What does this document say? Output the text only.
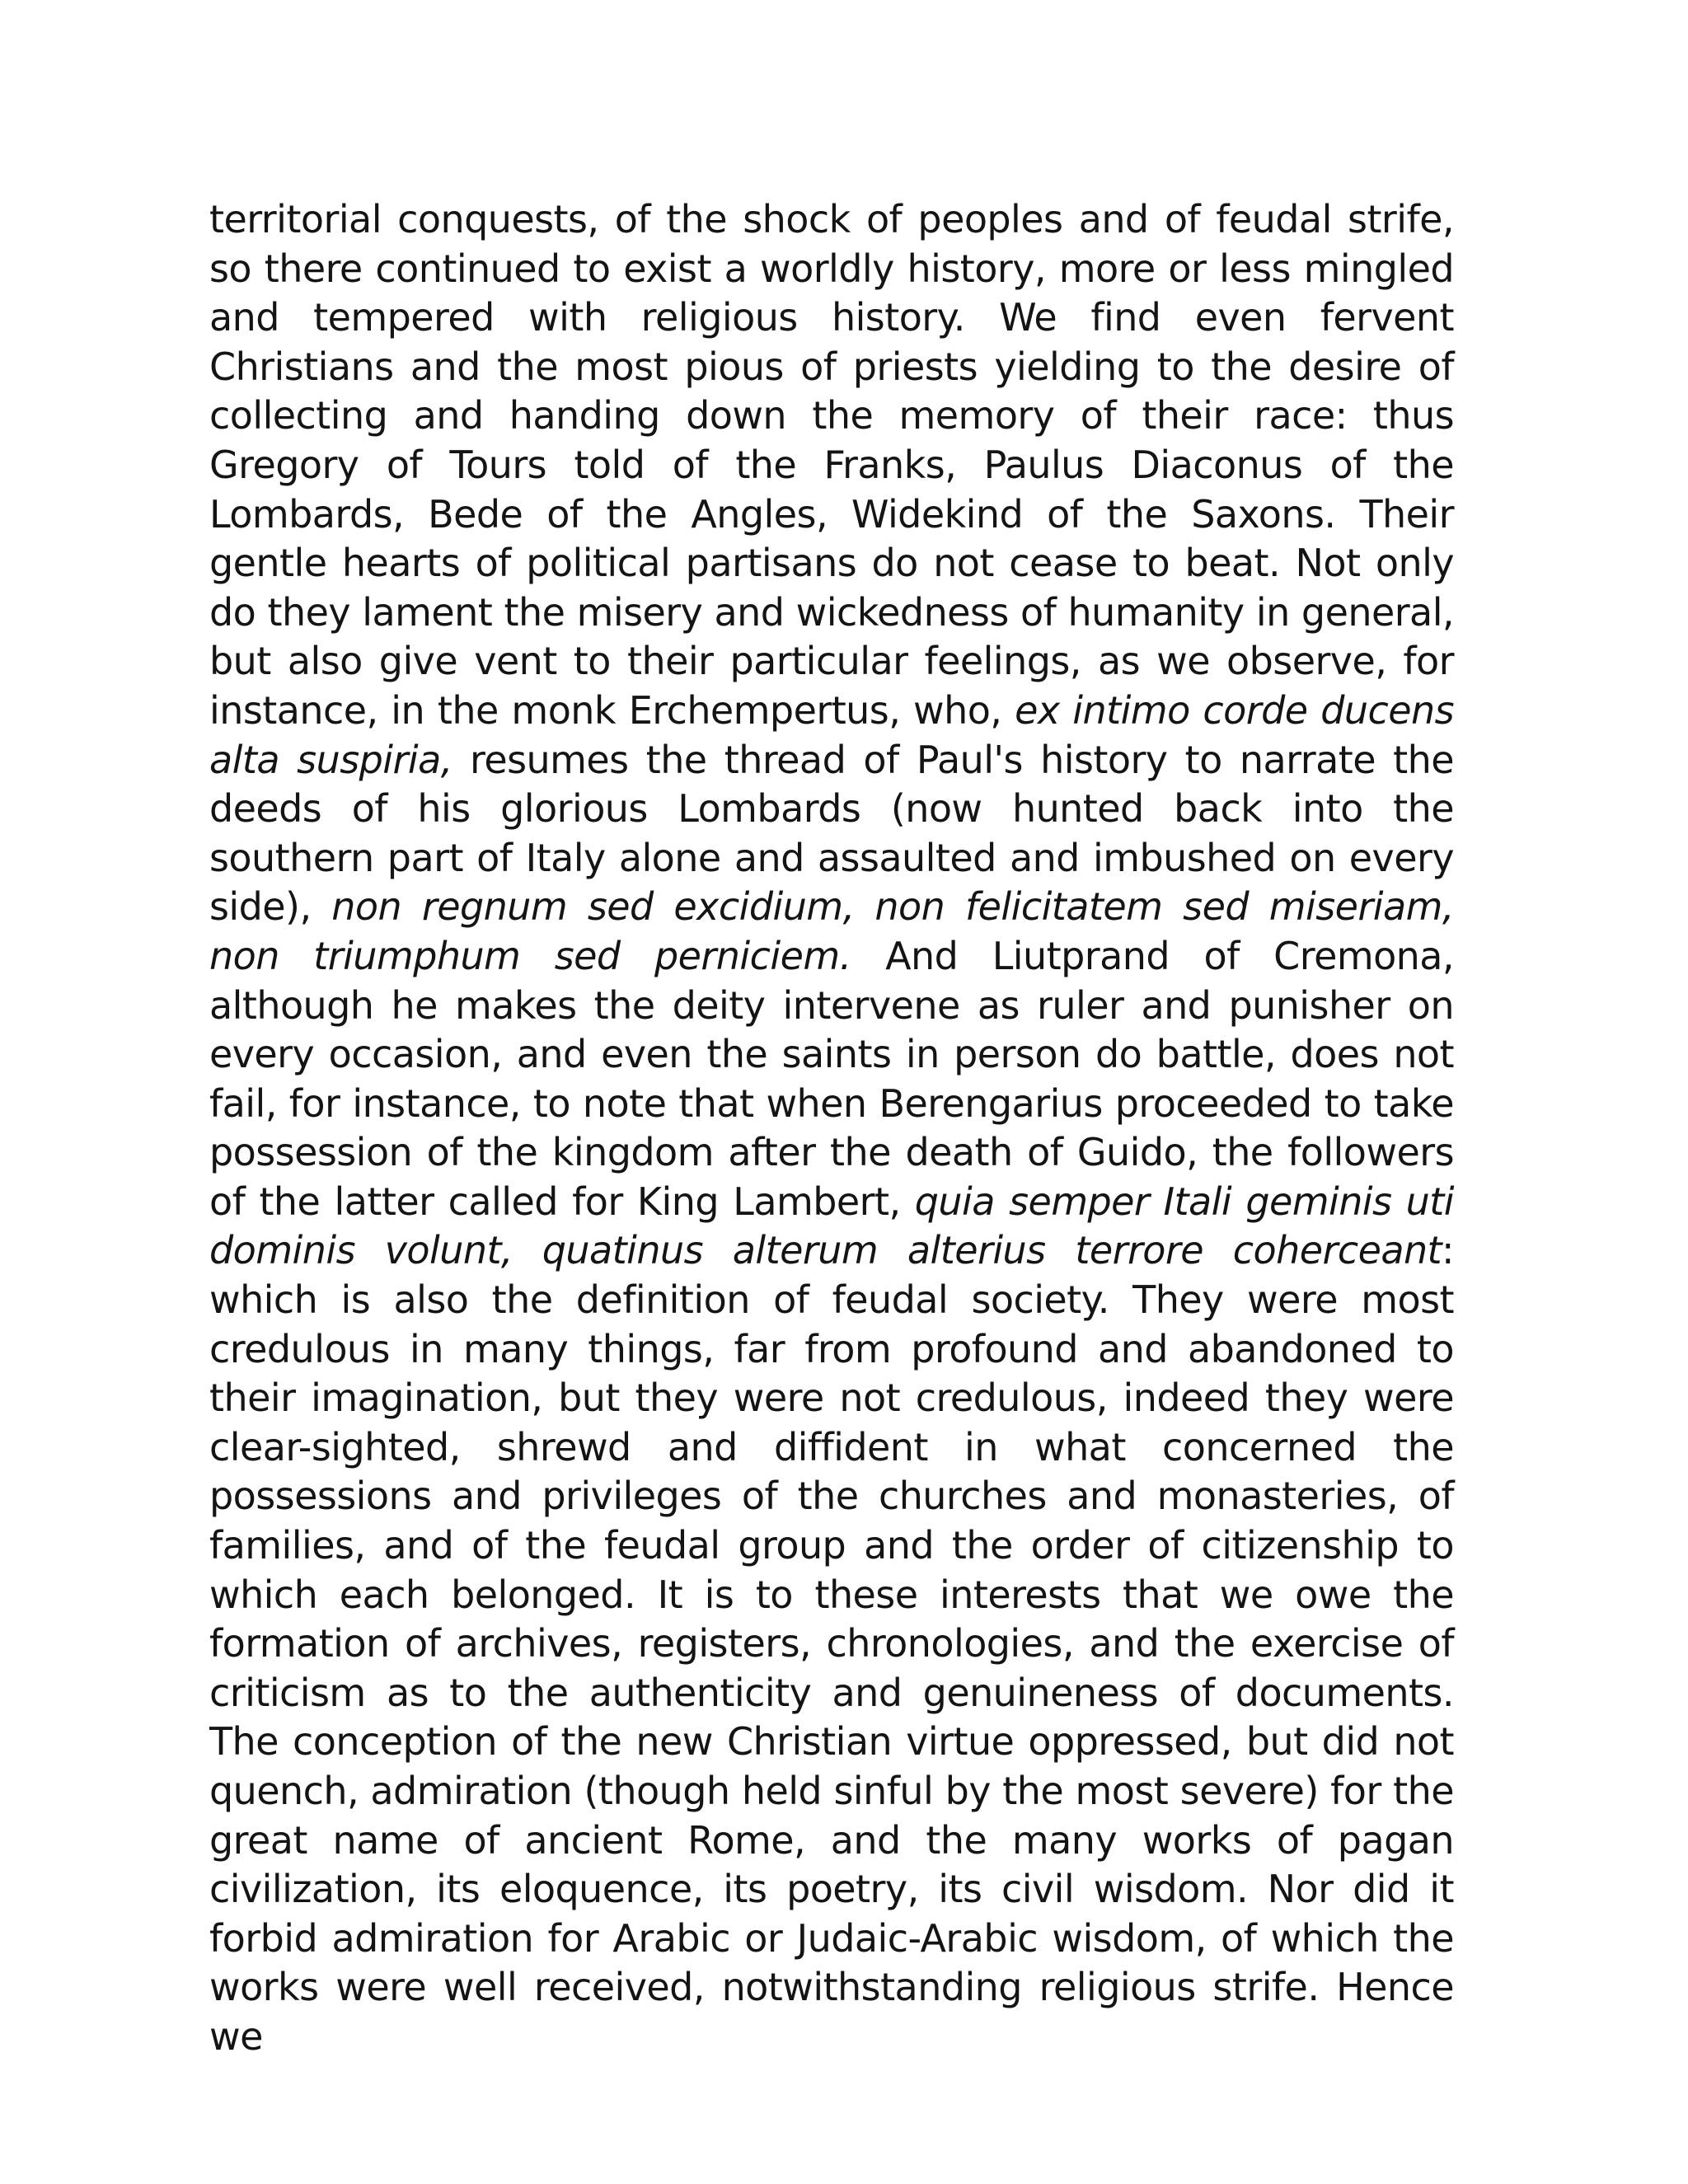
territorial conquests, of the shock of peoples and of feudal strife, so there continued to exist a worldly history, more or less mingled and tempered with religious history. We find even fervent Christians and the most pious of priests yielding to the desire of collecting and handing down the memory of their race: thus Gregory of Tours told of the Franks, Paulus Diaconus of the Lombards, Bede of the Angles, Widekind of the Saxons. Their gentle hearts of political partisans do not cease to beat. Not only do they lament the misery and wickedness of humanity in general, but also give vent to their particular feelings, as we observe, for instance, in the monk Erchempertus, who, ex intimo corde ducens alta suspiria, resumes the thread of Paul's history to narrate the deeds of his glorious Lombards (now hunted back into the southern part of Italy alone and assaulted and imbushed on every side), non regnum sed excidium, non felicitatem sed miseriam, non triumphum sed perniciem. And Liutprand of Cremona, although he makes the deity intervene as ruler and punisher on every occasion, and even the saints in person do battle, does not fail, for instance, to note that when Berengarius proceeded to take possession of the kingdom after the death of Guido, the followers of the latter called for King Lambert, quia semper Itali geminis uti dominis volunt, quatinus alterum alterius terrore coherceant: which is also the definition of feudal society. They were most credulous in many things, far from profound and abandoned to their imagination, but they were not credulous, indeed they were clear-sighted, shrewd and diffident in what concerned the possessions and privileges of the churches and monasteries, of families, and of the feudal group and the order of citizenship to which each belonged. It is to these interests that we owe the formation of archives, registers, chronologies, and the exercise of criticism as to the authenticity and genuineness of documents. The conception of the new Christian virtue oppressed, but did not quench, admiration (though held sinful by the most severe) for the great name of ancient Rome, and the many works of pagan civilization, its eloquence, its poetry, its civil wisdom. Nor did it forbid admiration for Arabic or Judaic-Arabic wisdom, of which the works were well received, notwithstanding religious strife. Hence we
